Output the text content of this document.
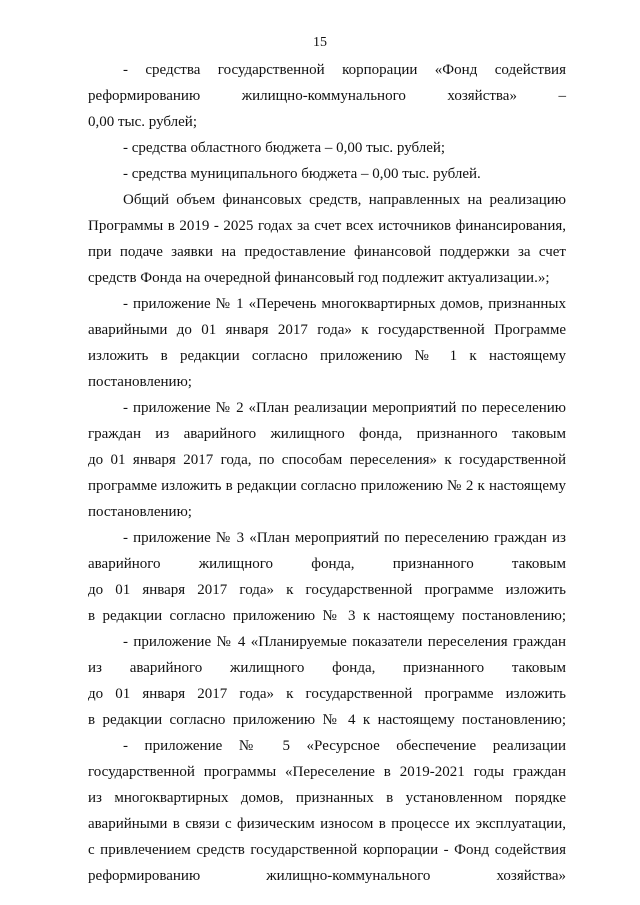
15
- средства государственной корпорации «Фонд содействия
реформированию жилищно-коммунального хозяйства» –
0,00 тыс. рублей;
- средства областного бюджета – 0,00 тыс. рублей;
- средства муниципального бюджета – 0,00 тыс. рублей.
Общий объем финансовых средств, направленных на реализацию
Программы в 2019 - 2025 годах за счет всех источников финансирования,
при подаче заявки на предоставление финансовой поддержки за счет
средств Фонда на очередной финансовый год подлежит актуализации.»;
- приложение № 1 «Перечень многоквартирных домов, признанных
аварийными до 01 января 2017 года» к государственной Программе
изложить в редакции согласно приложению № 1 к настоящему
постановлению;
- приложение № 2 «План реализации мероприятий по переселению
граждан из аварийного жилищного фонда, признанного таковым
до 01 января 2017 года, по способам переселения» к государственной
программе изложить в редакции согласно приложению № 2 к настоящему
постановлению;
- приложение № 3 «План мероприятий по переселению граждан из
аварийного жилищного фонда, признанного таковым
до 01 января 2017 года» к государственной программе изложить
в редакции согласно приложению № 3 к настоящему постановлению;
- приложение № 4 «Планируемые показатели переселения граждан
из аварийного жилищного фонда, признанного таковым
до 01 января 2017 года» к государственной программе изложить
в редакции согласно приложению № 4 к настоящему постановлению;
- приложение № 5 «Ресурсное обеспечение реализации
государственной программы «Переселение в 2019-2021 годы граждан
из многоквартирных домов, признанных в установленном порядке
аварийными в связи с физическим износом в процессе их эксплуатации,
с привлечением средств государственной корпорации - Фонд содействия
реформированию жилищно-коммунального хозяйства»
